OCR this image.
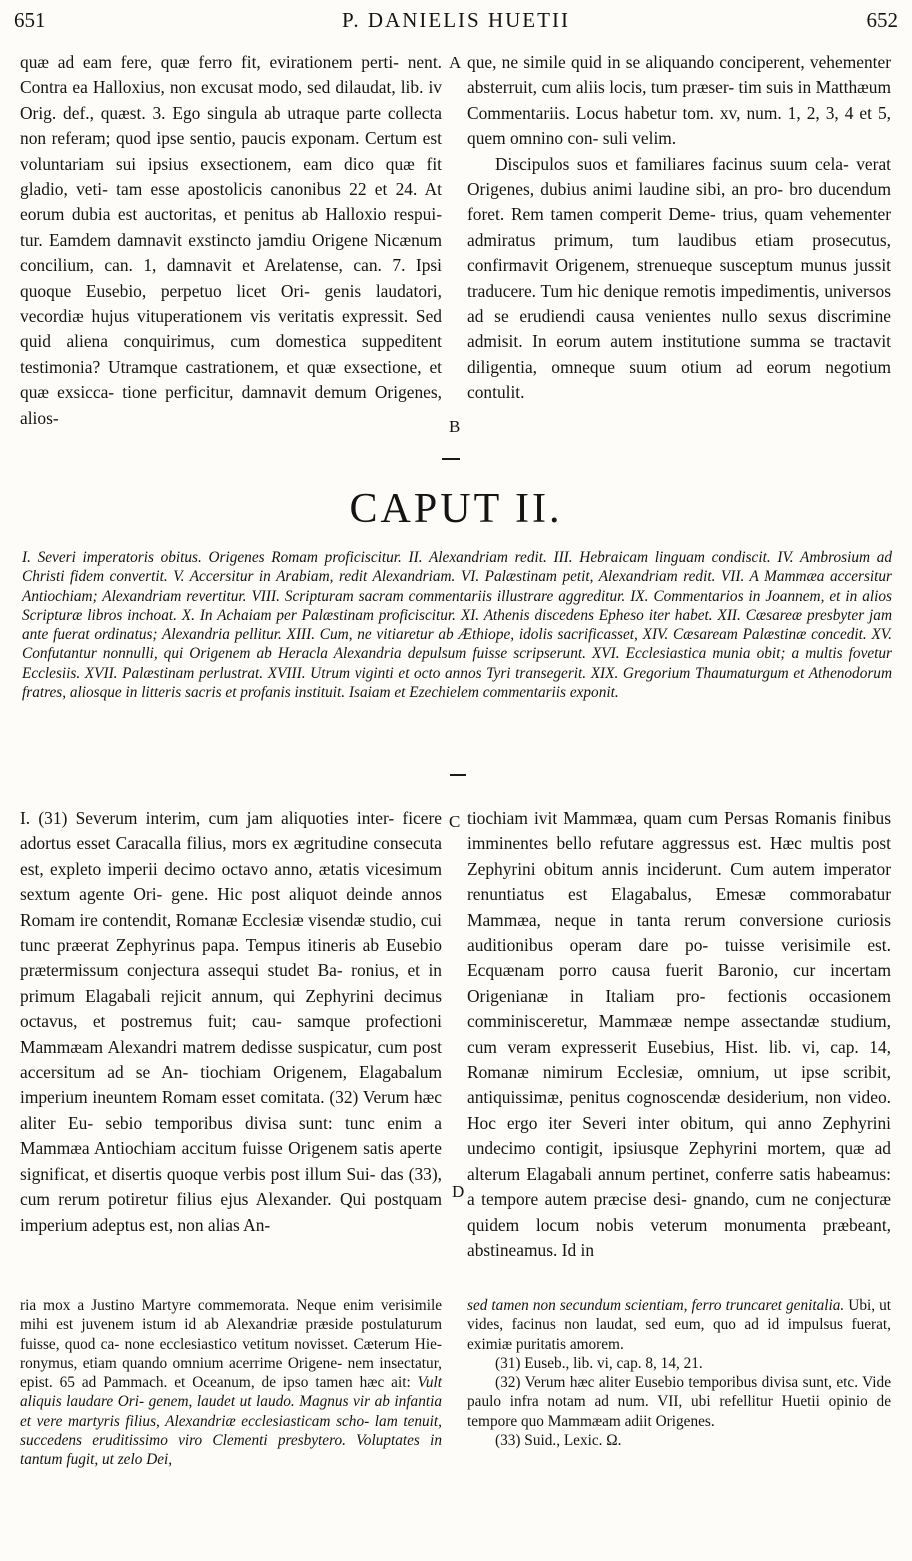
651	P. DANIELIS HUETII	652

quæ ad eam fere, quæ ferro fit, evirationem perti- nent. Contra ea Halloxius, non excusat modo, sed dilaudat, lib. iv Orig. def., quæst. 3. Ego singula ab utraque parte collecta non referam; quod ipse sentio, paucis exponam. Certum est voluntariam sui ipsius exsectionem, eam dico quæ fit gladio, veti- tam esse apostolicis canonibus 22 et 24. At eorum dubia est auctoritas, et penitus ab Halloxio respui- tur. Eamdem damnavit exstincto jamdiu Origene Nicænum concilium, can. 1, damnavit et Arelatense, can. 7. Ipsi quoque Eusebio, perpetuo licet Ori- genis laudatori, vecordiæ hujus vituperationem vis veritatis expressit. Sed quid aliena conquirimus, cum domestica suppeditent testimonia? Utramque castrationem, et quæ exsectione, et quæ exsicca- tione perficitur, damnavit demum Origenes, alios-

A
B

que, ne simile quid in se aliquando conciperent, vehementer absterruit, cum aliis locis, tum præser- tim suis in Matthæum Commentariis. Locus habetur tom. xv, num. 1, 2, 3, 4 et 5, quem omnino con- suli velim.

Discipulos suos et familiares facinus suum cela- verat Origenes, dubius animi laudine sibi, an pro- bro ducendum foret. Rem tamen comperit Deme- trius, quam vehementer admiratus primum, tum laudibus etiam prosecutus, confirmavit Origenem, strenueque susceptum munus jussit traducere. Tum hic denique remotis impedimentis, universos ad se erudiendi causa venientes nullo sexus discrimine admisit. In eorum autem institutione summa se tractavit diligentia, omneque suum otium ad eorum negotium contulit.

CAPUT II.
I. Severi imperatoris obitus. Origenes Romam proficiscitur. II. Alexandriam redit. III. Hebraicam linguam condiscit. IV. Ambrosium ad Christi fidem convertit. V. Accersitur in Arabiam, redit Alexandriam. VI. Palæstinam petit, Alexandriam redit. VII. A Mammæa accersitur Antiochiam; Alexandriam revertitur. VIII. Scripturam sacram commentariis illustrare aggreditur. IX. Commentarios in Joannem, et in alios Scripturæ libros inchoat. X. In Achaiam per Palæstinam proficiscitur. XI. Athenis discedens Epheso iter habet. XII. Cæsareæ presbyter jam ante fuerat ordinatus; Alexandria pellitur. XIII. Cum, ne vitiaretur ab Æthiope, idolis sacrificasset, XIV. Cæsaream Palæstinæ concedit. XV. Confutantur nonnulli, qui Origenem ab Heracla Alexandria depulsum fuisse scripserunt. XVI. Ecclesiastica munia obit; a multis fovetur Ecclesiis. XVII. Palæstinam perlustrat. XVIII. Utrum viginti et octo annos Tyri transegerit. XIX. Gregorium Thaumaturgum et Athenodorum fratres, aliosque in litteris sacris et profanis instituit. Isaiam et Ezechielem commentariis exponit.

I. (31) Severum interim, cum jam aliquoties inter- ficere adortus esset Caracalla filius, mors ex ægritudine consecuta est, expleto imperii decimo octavo anno, ætatis vicesimum sextum agente Ori- gene. Hic post aliquot deinde annos Romam ire contendit, Romanæ Ecclesiæ visendæ studio, cui tunc præerat Zephyrinus papa. Tempus itineris ab Eusebio prætermissum conjectura assequi studet Ba- ronius, et in primum Elagabali rejicit annum, qui Zephyrini decimus octavus, et postremus fuit; cau- samque profectioni Mammæam Alexandri matrem dedisse suspicatur, cum post accersitum ad se An- tiochiam Origenem, Elagabalum imperium ineuntem Romam esset comitata. (32) Verum hæc aliter Eu- sebio temporibus divisa sunt: tunc enim a Mammæa Antiochiam accitum fuisse Origenem satis aperte significat, et disertis quoque verbis post illum Sui- das (33), cum rerum potiretur filius ejus Alexander. Qui postquam imperium adeptus est, non alias An-

C
D

tiochiam ivit Mammæa, quam cum Persas Romanis finibus imminentes bello refutare aggressus est. Hæc multis post Zephyrini obitum annis inciderunt. Cum autem imperator renuntiatus est Elagabalus, Emesæ commorabatur Mammæa, neque in tanta rerum conversione curiosis auditionibus operam dare po- tuisse verisimile est. Ecquænam porro causa fuerit Baronio, cur incertam Origenianæ in Italiam pro- fectionis occasionem comminisceretur, Mammææ nempe assectandæ studium, cum veram expresserit Eusebius, Hist. lib. vi, cap. 14, Romanæ nimirum Ecclesiæ, omnium, ut ipse scribit, antiquissimæ, penitus cognoscendæ desiderium, non video. Hoc ergo iter Severi inter obitum, qui anno Zephyrini undecimo contigit, ipsiusque Zephyrini mortem, quæ ad alterum Elagabali annum pertinet, conferre satis habeamus: a tempore autem præcise desi- gnando, cum ne conjecturæ quidem locum nobis veterum monumenta præbeant, abstineamus. Id in

ria mox a Justino Martyre commemorata. Neque enim verisimile mihi est juvenem istum id ab Alexandriæ præside postulaturum fuisse, quod ca- none ecclesiastico vetitum novisset. Cæterum Hie- ronymus, etiam quando omnium acerrime Origene- nem insectatur, epist. 65 ad Pammach. et Oceanum, de ipso tamen hæc ait: Vult aliquis laudare Ori- genem, laudet ut laudo. Magnus vir ab infantia et vere martyris filius, Alexandriæ ecclesiasticam scho- lam tenuit, succedens eruditissimo viro Clementi presbytero. Voluptates in tantum fugit, ut zelo Dei,

sed tamen non secundum scientiam, ferro truncaret genitalia. Ubi, ut vides, facinus non laudat, sed eum, quo ad id impulsus fuerat, eximiæ puritatis amorem.

(31) Euseb., lib. vi, cap. 8, 14, 21.

(32) Verum hæc aliter Eusebio temporibus divisa sunt, etc. Vide paulo infra notam ad num. VII, ubi refellitur Huetii opinio de tempore quo Mammæam adiit Origenes.

(33) Suid., Lexic. Ω.
